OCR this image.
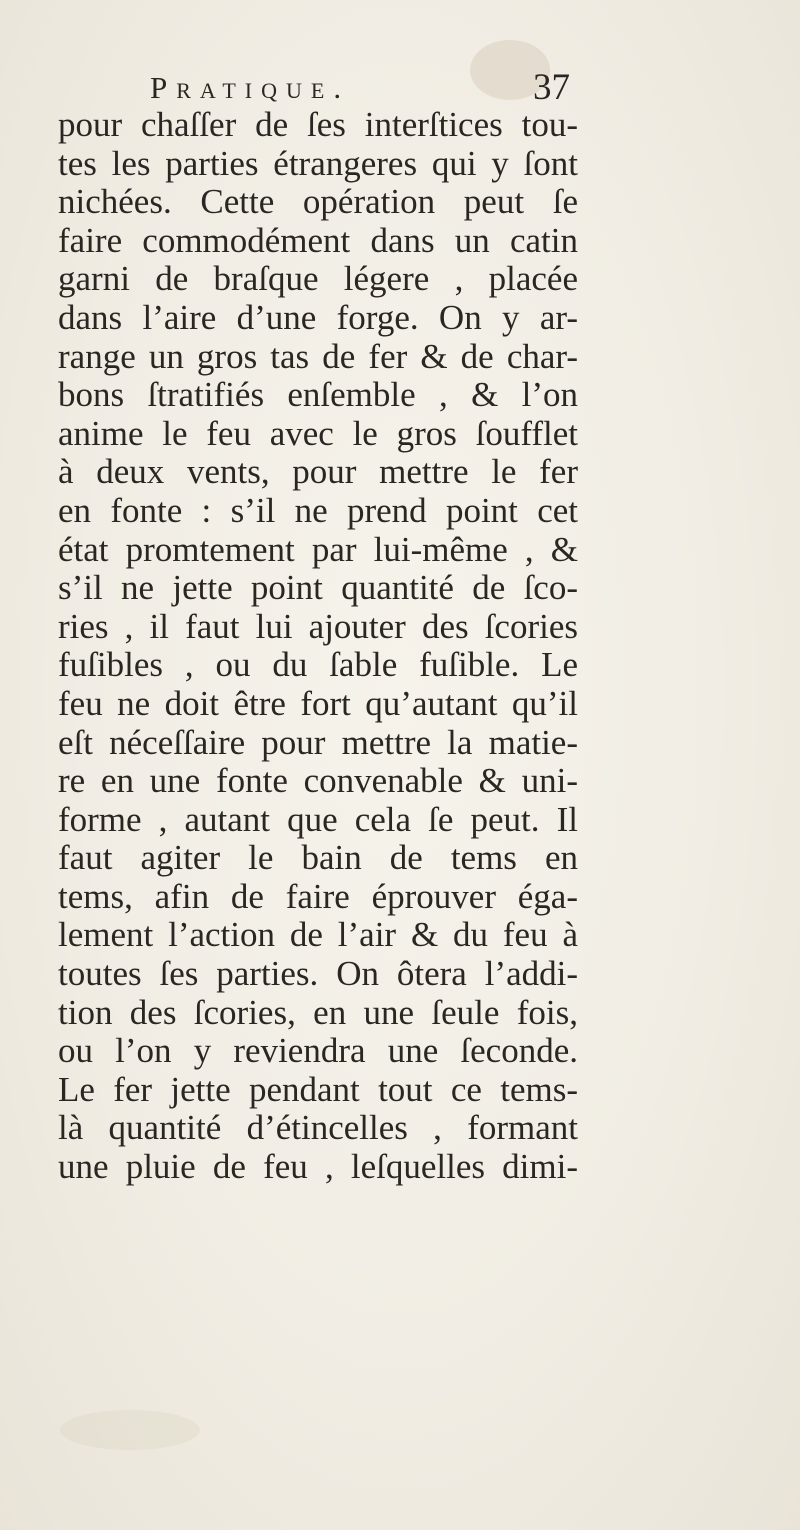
Pratique.	37
pour chaſſer de ſes interſtices tou-
tes les parties étrangeres qui y ſont
nichées. Cette opération peut ſe
faire commodément dans un catin
garni de braſque légere , placée
dans l’aire d’une forge. On y ar-
range un gros tas de fer & de char-
bons ſtratifiés enſemble , & l’on
anime le feu avec le gros ſoufflet
à deux vents, pour mettre le fer
en fonte : s’il ne prend point cet
état promtement par lui-même , &
s’il ne jette point quantité de ſco-
ries , il faut lui ajouter des ſcories
fuſibles , ou du ſable fuſible. Le
feu ne doit être fort qu’autant qu’il
eſt néceſſaire pour mettre la matie-
re en une fonte convenable & uni-
forme , autant que cela ſe peut. Il
faut agiter le bain de tems en
tems, afin de faire éprouver éga-
lement l’action de l’air & du feu à
toutes ſes parties. On ôtera l’addi-
tion des ſcories, en une ſeule fois,
ou l’on y reviendra une ſeconde.
Le fer jette pendant tout ce tems-
là quantité d’étincelles , formant
une pluie de feu , leſquelles dimi-
